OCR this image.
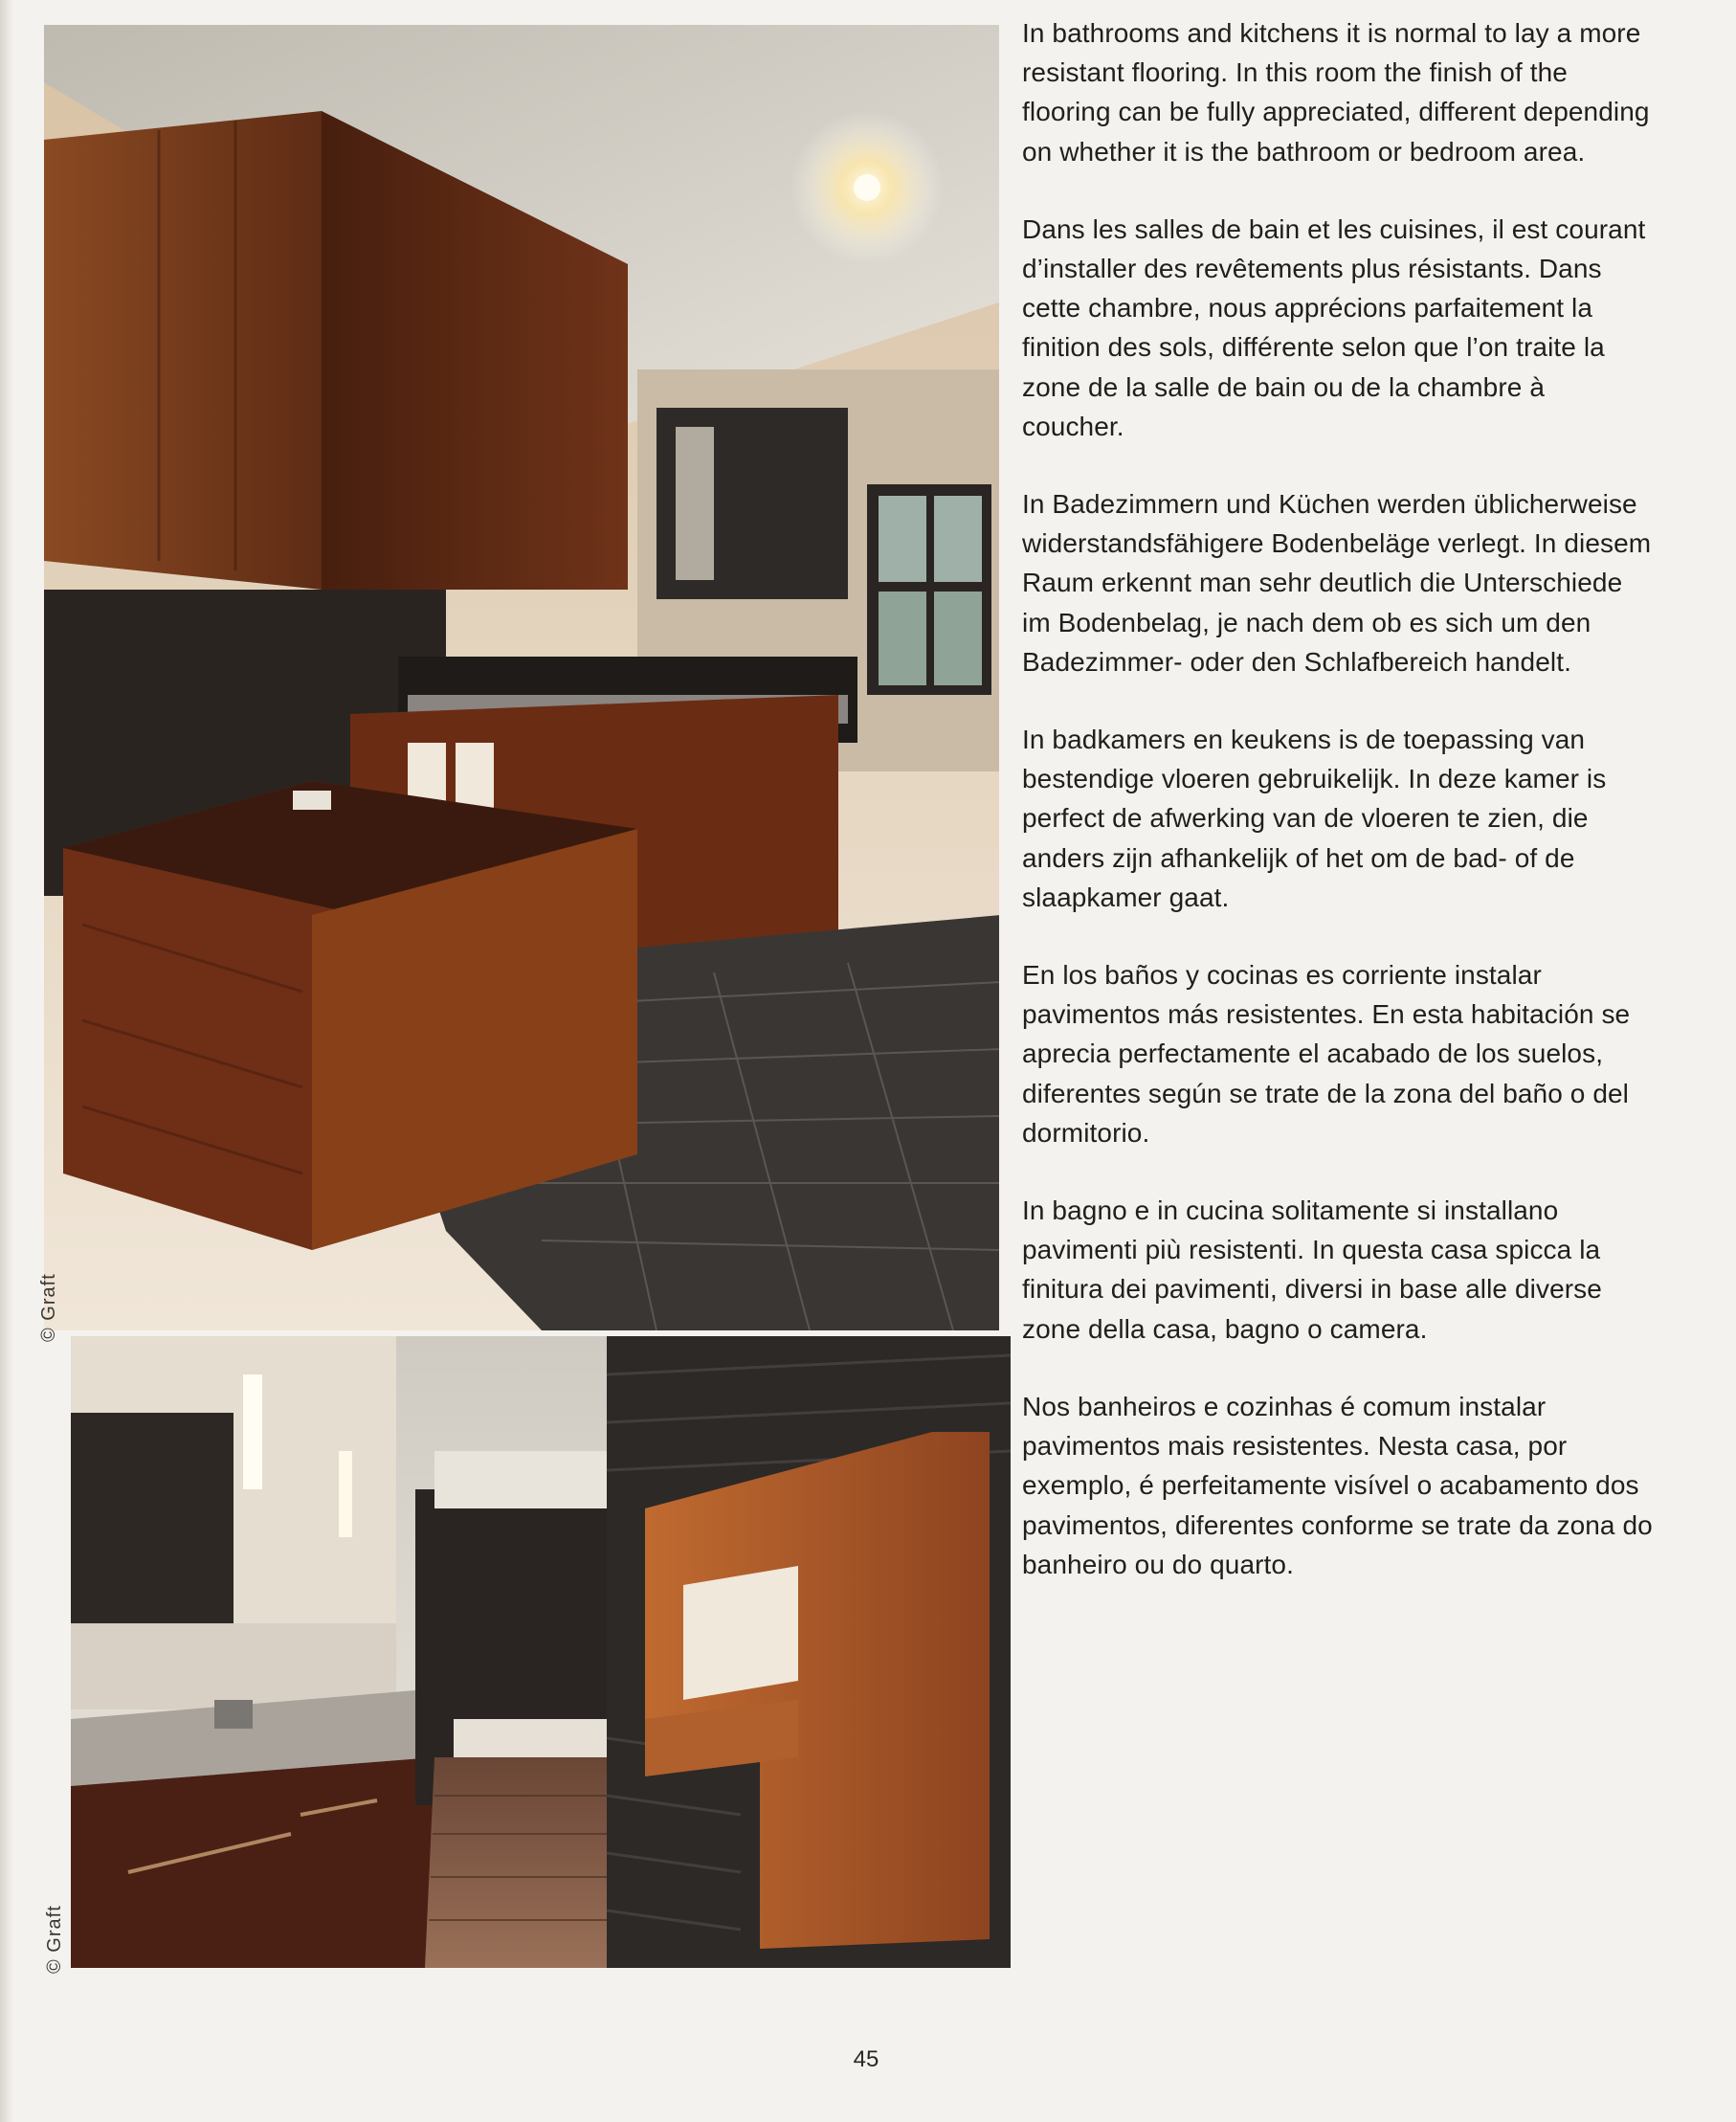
© Graft
© Graft

In bathrooms and kitchens it is normal to lay a more resistant flooring. In this room the finish of the flooring can be fully appreciated, different depending on whether it is the bathroom or bedroom area.

Dans les salles de bain et les cuisines, il est courant d’installer des revêtements plus résistants. Dans cette chambre, nous apprécions parfaitement la finition des sols, différente selon que l’on traite la zone de la salle de bain ou de la chambre à coucher.

In Badezimmern und Küchen werden üblicherweise widerstandsfähigere Bodenbeläge verlegt. In diesem Raum erkennt man sehr deutlich die Unterschiede im Bodenbelag, je nach dem ob es sich um den Badezimmer- oder den Schlafbereich handelt.

In badkamers en keukens is de toepassing van bestendige vloeren gebruikelijk. In deze kamer is perfect de afwerking van de vloeren te zien, die anders zijn afhankelijk of het om de bad- of de slaapkamer gaat.

En los baños y cocinas es corriente instalar pavimentos más resistentes. En esta habitación se aprecia perfectamente el acabado de los suelos, diferentes según se trate de la zona del baño o del dormitorio.

In bagno e in cucina solitamente si installano pavimenti più resistenti. In questa casa spicca la finitura dei pavimenti, diversi in base alle diverse zone della casa, bagno o camera.

Nos banheiros e cozinhas é comum instalar pavimentos mais resistentes. Nesta casa, por exemplo, é perfeitamente visível o acabamento dos pavimentos, diferentes conforme se trate da zona do banheiro ou do quarto.

45
